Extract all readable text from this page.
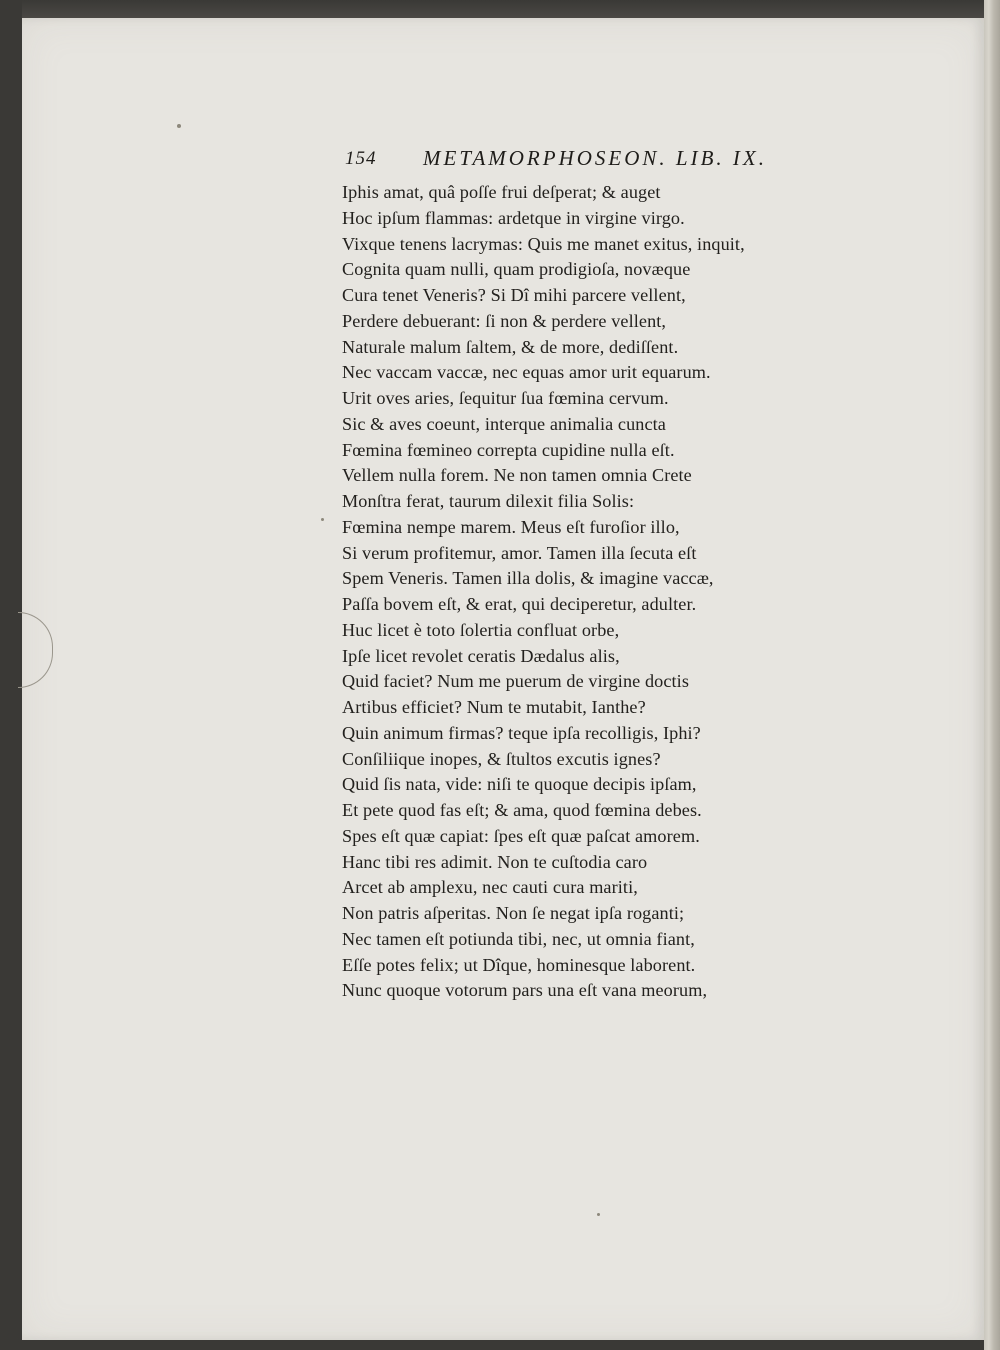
154 METAMORPHOSEON. LIB. IX.
Iphis amat, quâ poſſe frui deſperat; & auget
Hoc ipſum flammas: ardetque in virgine virgo.
Vixque tenens lacrymas: Quis me manet exitus, inquit,
Cognita quam nulli, quam prodigioſa, novæque
Cura tenet Veneris? Si Dî mihi parcere vellent,
Perdere debuerant: ſi non & perdere vellent,
Naturale malum ſaltem, & de more, dediſſent.
Nec vaccam vaccæ, nec equas amor urit equarum.
Urit oves aries, ſequitur ſua fœmina cervum.
Sic & aves coeunt, interque animalia cuncta
Fœmina fœmineo correpta cupidine nulla eſt.
Vellem nulla forem. Ne non tamen omnia Crete
Monſtra ferat, taurum dilexit filia Solis:
Fœmina nempe marem. Meus eſt furoſior illo,
Si verum profitemur, amor. Tamen illa ſecuta eſt
Spem Veneris. Tamen illa dolis, & imagine vaccæ,
Paſſa bovem eſt, & erat, qui deciperetur, adulter.
Huc licet è toto ſolertia confluat orbe,
Ipſe licet revolet ceratis Dædalus alis,
Quid faciet? Num me puerum de virgine doctis
Artibus efficiet? Num te mutabit, Ianthe?
Quin animum firmas? teque ipſa recolligis, Iphi?
Conſiliique inopes, & ſtultos excutis ignes?
Quid ſis nata, vide: niſi te quoque decipis ipſam,
Et pete quod fas eſt; & ama, quod fœmina debes.
Spes eſt quæ capiat: ſpes eſt quæ paſcat amorem.
Hanc tibi res adimit. Non te cuſtodia caro
Arcet ab amplexu, nec cauti cura mariti,
Non patris aſperitas. Non ſe negat ipſa roganti;
Nec tamen eſt potiunda tibi, nec, ut omnia fiant,
Eſſe potes felix; ut Dîque, hominesque laborent.
Nunc quoque votorum pars una eſt vana meorum,
